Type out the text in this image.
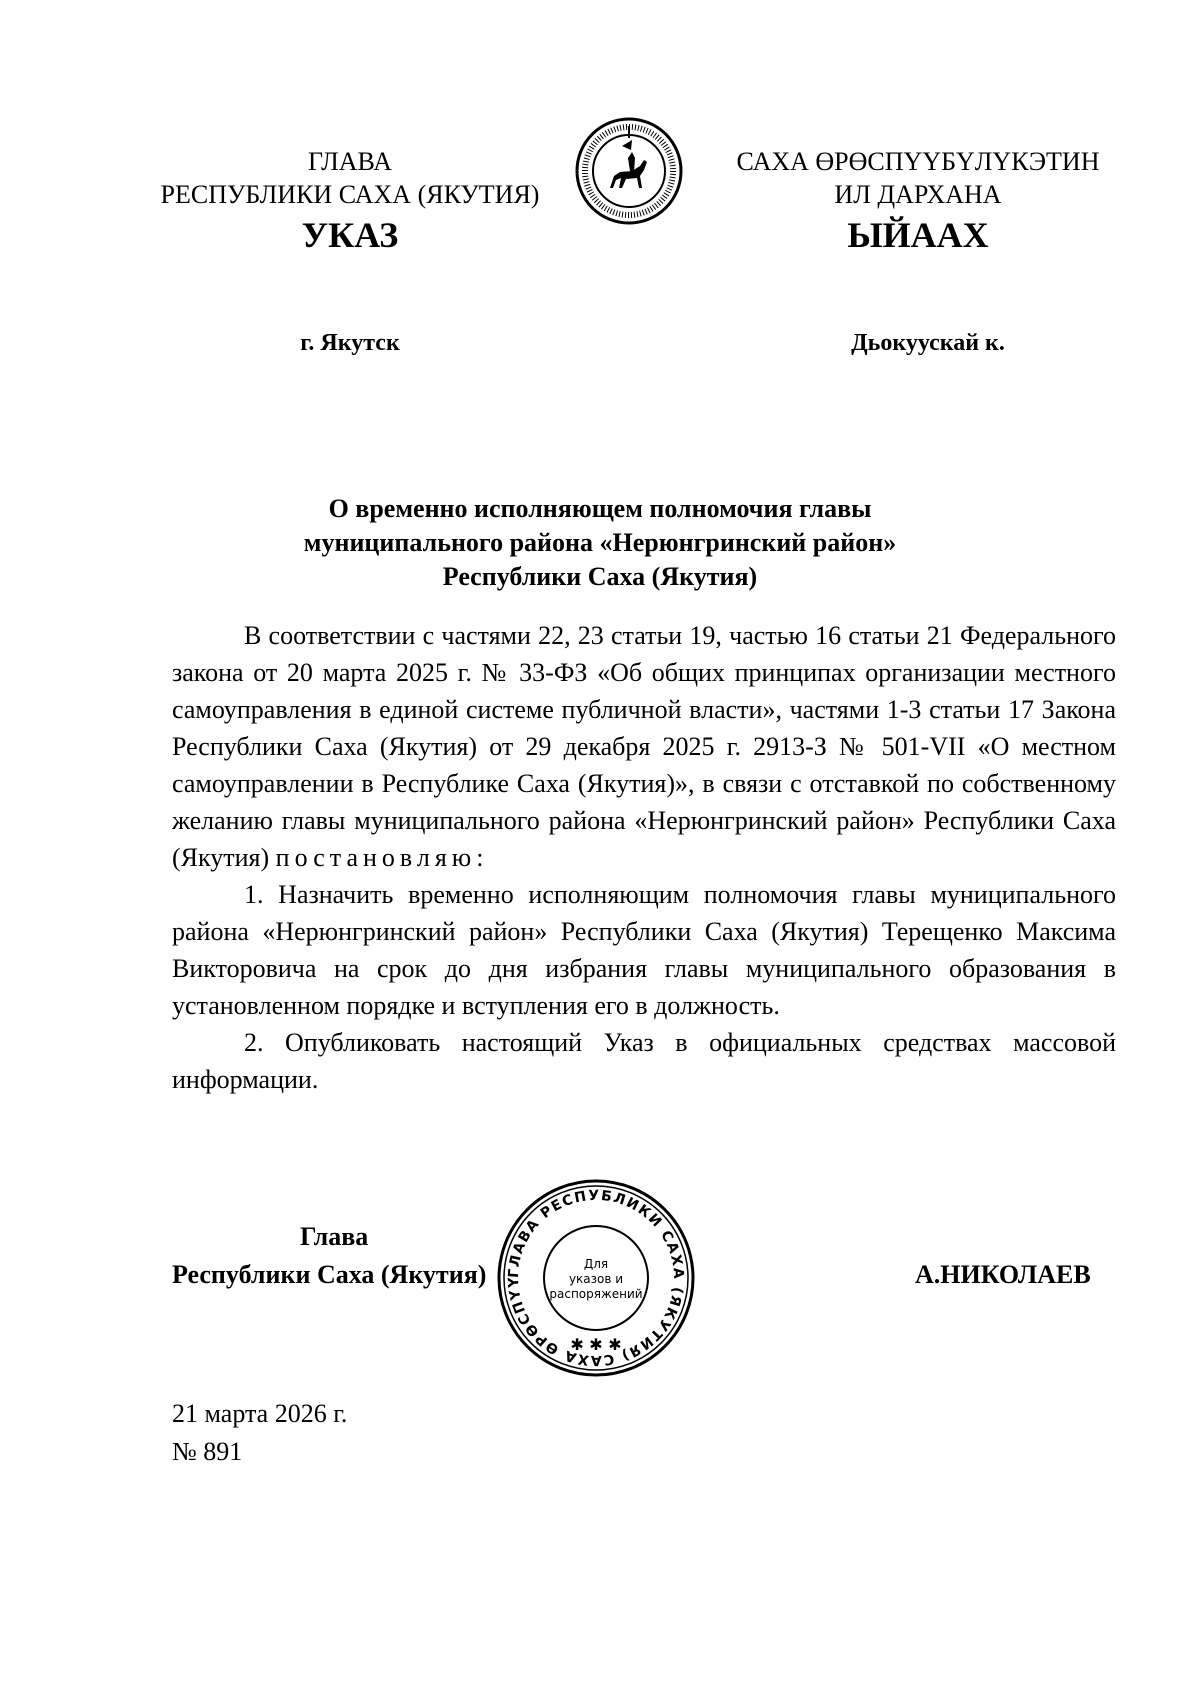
ГЛАВА
РЕСПУБЛИКИ САХА (ЯКУТИЯ)
САХА ӨРӨСПҮҮБҮЛҮКЭТИН
ИЛ ДАРХАНА
УКАЗ	ЫЙААХ
г. Якутск	Дьокуускай к.
О временно исполняющем полномочия главы
муниципального района «Нерюнгринский район»
Республики Саха (Якутия)

В соответствии с частями 22, 23 статьи 19, частью 16 статьи 21 Федерального закона от 20 марта 2025 г. № 33-ФЗ «Об общих принципах организации местного самоуправления в единой системе публичной власти», частями 1-3 статьи 17 Закона Республики Саха (Якутия) от 29 декабря 2025 г. 2913-З № 501-VII «О местном самоуправлении в Республике Саха (Якутия)», в связи с отставкой по собственному желанию главы муниципального района «Нерюнгринский район» Республики Саха (Якутия) постановляю:

1. Назначить временно исполняющим полномочия главы муниципального района «Нерюнгринский район» Республики Саха (Якутия) Терещенко Максима Викторовича на срок до дня избрания главы муниципального образования в установленном порядке и вступления его в должность.

2. Опубликовать настоящий Указ в официальных средствах массовой информации.

Глава
Республики Саха (Якутия)	А.НИКОЛАЕВ
ГЛАВА РЕСПУБЛИКИ САХА (ЯКУТИЯ) САХА ӨРӨСПҮҮ
Для
указов и
распоряжений
✱ ✱ ✱
21 марта 2026 г.
№ 891
